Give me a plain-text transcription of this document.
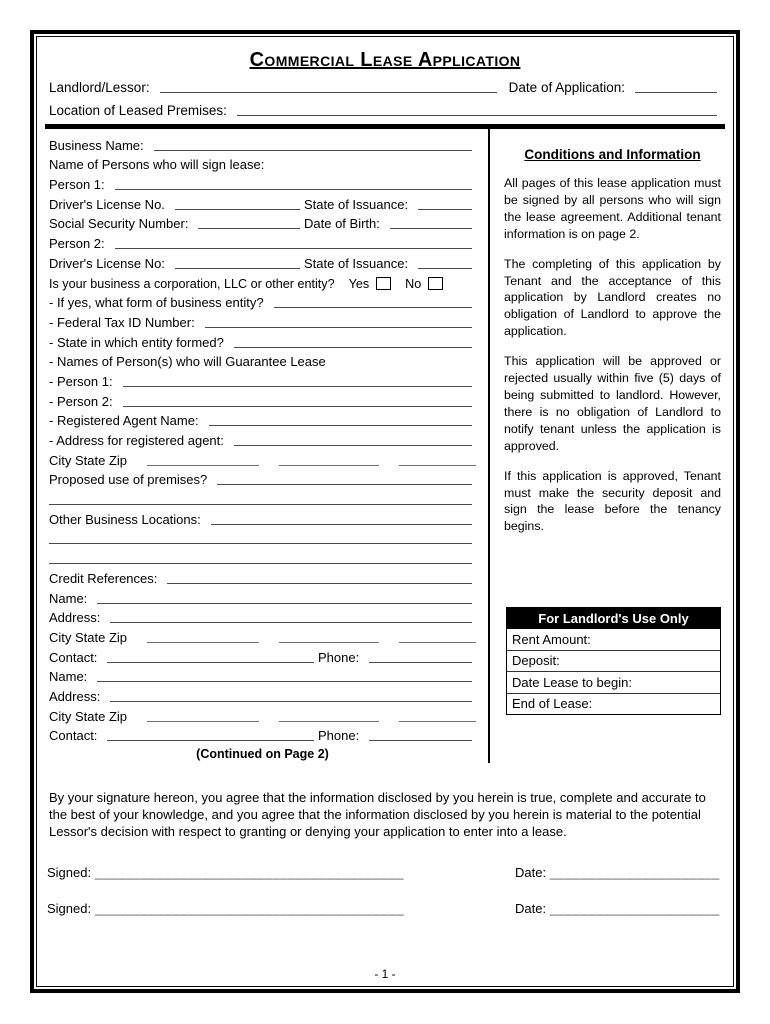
Commercial Lease Application
Landlord/Lessor:	Date of Application:
Location of Leased Premises:
Business Name:
Name of Persons who will sign lease:
Person 1:
Driver's License No.	State of Issuance:
Social Security Number:	Date of Birth:
Person 2:
Driver's License No:	State of Issuance:
Is your business a corporation, LLC or other entity? Yes	No
- If yes, what form of business entity?
- Federal Tax ID Number:
- State in which entity formed?
- Names of Person(s) who will Guarantee Lease
- Person 1:
- Person 2:
- Registered Agent Name:
- Address for registered agent:
City State Zip
Proposed use of premises?
Other Business Locations:
Credit References:
Name:
Address:
City State Zip
Contact:	Phone:
Name:
Address:
City State Zip
Contact:	Phone:
(Continued on Page 2)
Conditions and Information
All pages of this lease application must be signed by all persons who will sign the lease agreement. Additional tenant information is on page 2.
The completing of this application by Tenant and the acceptance of this application by Landlord creates no obligation of Landlord to approve the application.
This application will be approved or rejected usually within five (5) days of being submitted to landlord. However, there is no obligation of Landlord to notify tenant unless the application is approved.
If this application is approved, Tenant must make the security deposit and sign the lease before the tenancy begins.
For Landlord's Use Only
Rent Amount:
Deposit:
Date Lease to begin:
End of Lease:
By your signature hereon, you agree that the information disclosed by you herein is true, complete and accurate to the best of your knowledge, and you agree that the information disclosed by you herein is material to the potential Lessor's decision with respect to granting or denying your application to enter into a lease.
Signed: ________________________________________	Date: ______________________
Signed: ________________________________________	Date: ______________________
- 1 -
